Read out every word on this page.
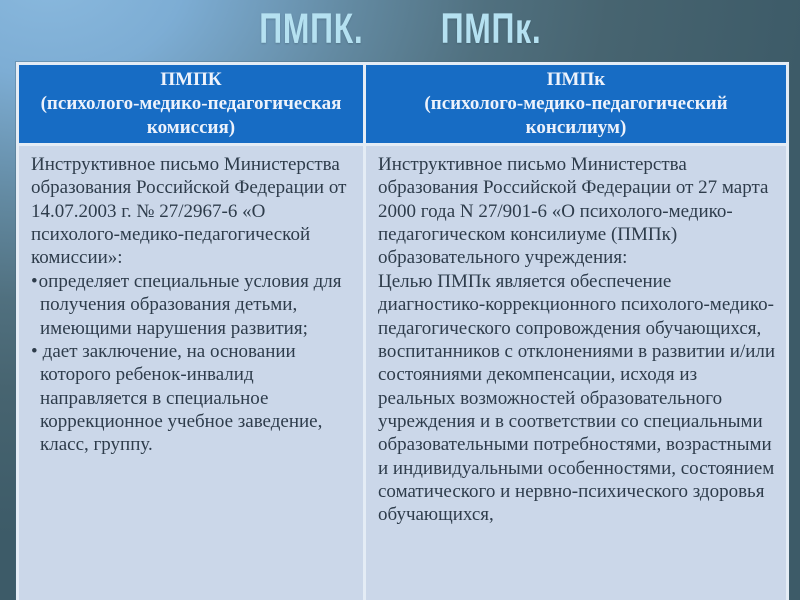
ПМПК. ПМПк.
ПМПК
(психолого-медико-педагогическая комиссия)
ПМПк
(психолого-медико-педагогический консилиум)

Инструктивное письмо Министерства образования Российской Федерации от 14.07.2003 г. № 27/2967-6 «О психолого-медико-педагогической комиссии»:

•определяет специальные условия для получения образования детьми, имеющими нарушения развития;
• дает заключение, на основании которого ребенок-инвалид направляется в специальное коррекционное учебное заведение, класс, группу.

Инструктивное письмо Министерства образования Российской Федерации от 27 марта 2000 года N 27/901-6 «О психолого-медико-педагогическом консилиуме (ПМПк) образовательного учреждения:

Целью ПМПк является обеспечение диагностико-коррекционного психолого-медико-педагогического сопровождения обучающихся, воспитанников с отклонениями в развитии и/или состояниями декомпенсации, исходя из реальных возможностей образовательного учреждения и в соответствии со специальными образовательными потребностями, возрастными и индивидуальными особенностями, состоянием соматического и нервно-психического здоровья обучающихся,
